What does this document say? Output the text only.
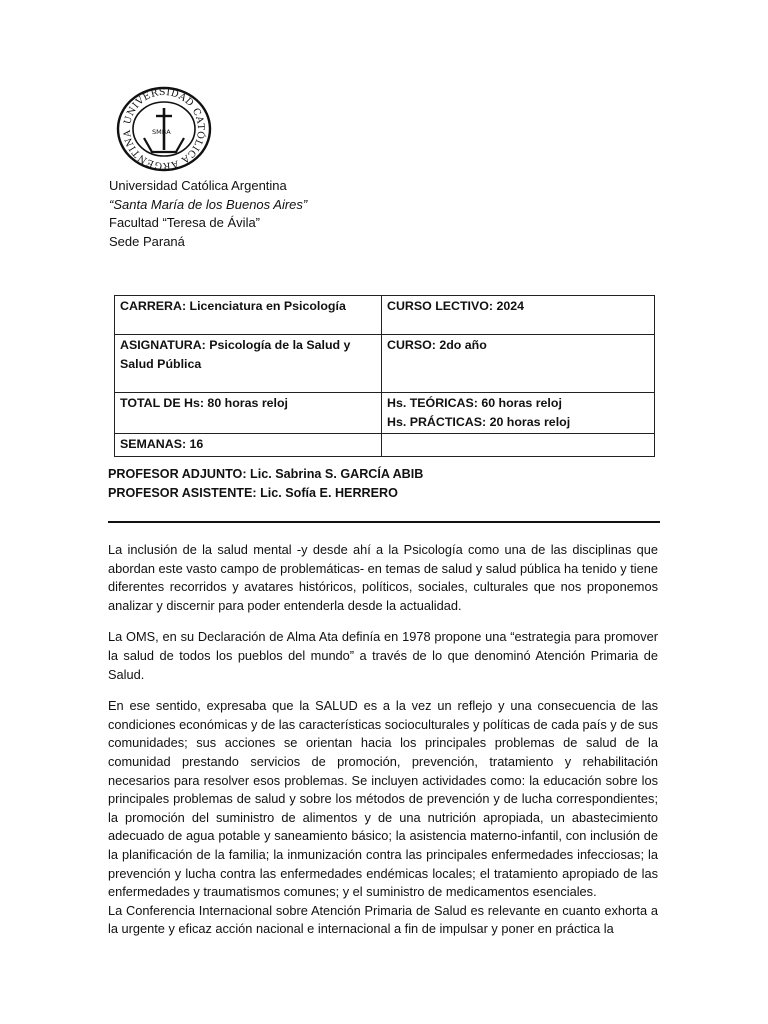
UNIVERSIDAD CATÓLICA ARGENTINA	SMBA
Universidad Católica Argentina
“Santa María de los Buenos Aires”
Facultad “Teresa de Ávila”
Sede Paraná
CARRERA: Licenciatura en Psicología	CURSO LECTIVO: 2024
ASIGNATURA: Psicología de la Salud y Salud Pública	CURSO: 2do año
TOTAL DE Hs: 80 horas reloj	Hs. TEÓRICAS: 60 horas reloj
Hs. PRÁCTICAS: 20 horas reloj

SEMANAS: 16	
PROFESOR ADJUNTO: Lic. Sabrina S. GARCÍA ABIB
PROFESOR ASISTENTE: Lic. Sofía E. HERRERO

La inclusión de la salud mental -y desde ahí a la Psicología como una de las disciplinas que abordan este vasto campo de problemáticas- en temas de salud y salud pública ha tenido y tiene diferentes recorridos y avatares históricos, políticos, sociales, culturales que nos proponemos analizar y discernir para poder entenderla desde la actualidad.

La OMS, en su Declaración de Alma Ata definía en 1978 propone una “estrategia para promover la salud de todos los pueblos del mundo” a través de lo que denominó Atención Primaria de Salud.

En ese sentido, expresaba que la SALUD es a la vez un reflejo y una consecuencia de las condiciones económicas y de las características socioculturales y políticas de cada país y de sus comunidades; sus acciones se orientan hacia los principales problemas de salud de la comunidad prestando servicios de promoción, prevención, tratamiento y rehabilitación necesarios para resolver esos problemas. Se incluyen actividades como: la educación sobre los principales problemas de salud y sobre los métodos de prevención y de lucha correspondientes; la promoción del suministro de alimentos y de una nutrición apropiada, un abastecimiento adecuado de agua potable y saneamiento básico; la asistencia materno-infantil, con inclusión de la planificación de la familia; la inmunización contra las principales enfermedades infecciosas; la prevención y lucha contra las enfermedades endémicas locales; el tratamiento apropiado de las enfermedades y traumatismos comunes; y el suministro de medicamentos esenciales.

La Conferencia Internacional sobre Atención Primaria de Salud es relevante en cuanto exhorta a la urgente y eficaz acción nacional e internacional a fin de impulsar y poner en práctica la
